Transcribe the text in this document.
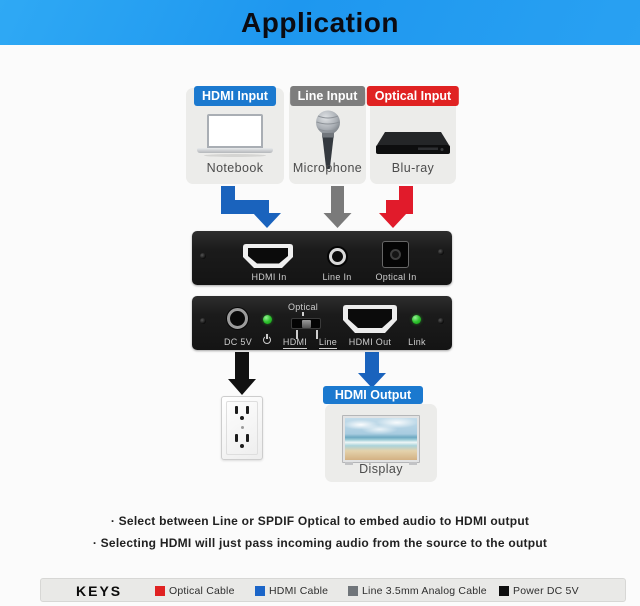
Application
HDMI Input
Notebook
Line Input
Microphone
Optical Input
Blu-ray
HDMI In	Line In	Optical In
DC 5V
Optical
HDMI	Line	HDMI Out	Link
HDMI Output
Display
· Select between Line or SPDIF Optical to embed audio to HDMI output
· Selecting HDMI will just pass incoming audio from the source to the output
KEYS	Optical Cable	HDMI Cable	Line 3.5mm Analog Cable Power DC 5V
